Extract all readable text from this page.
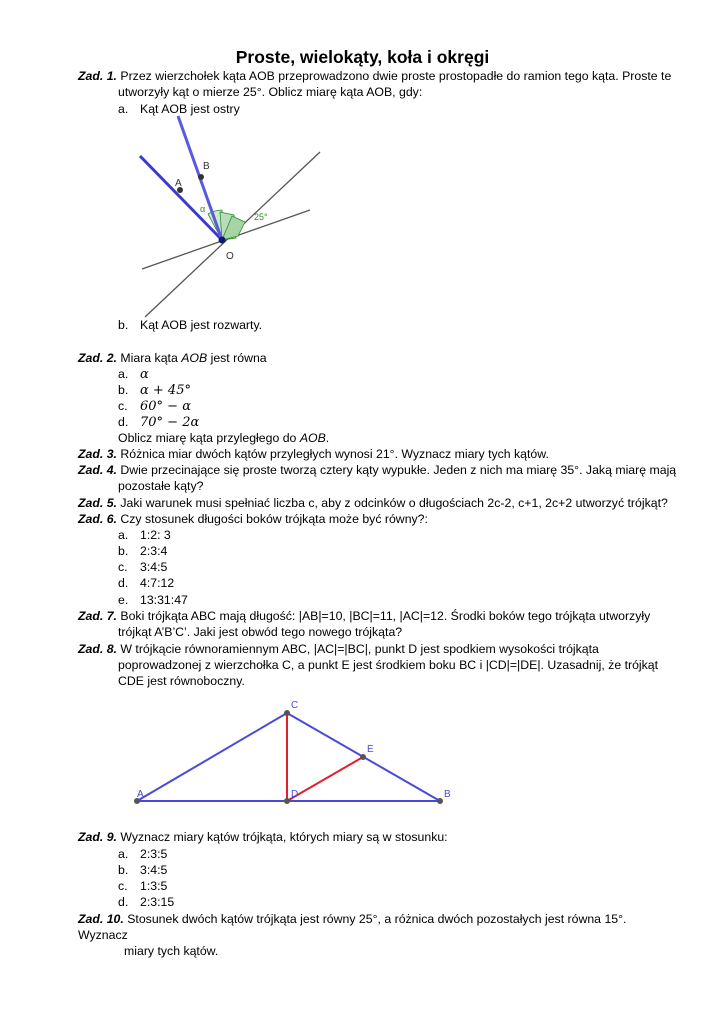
Proste, wielokąty, koła i okręgi
Zad. 1. Przez wierzchołek kąta AOB przeprowadzono dwie proste prostopadłe do ramion tego kąta. Proste te
utworzyły kąt o mierze 25°. Oblicz miarę kąta AOB, gdy:
a. Kąt AOB jest ostry
A
B
O
α
25°
b. Kąt AOB jest rozwarty.
Zad. 2. Miara kąta AOB jest równa
a. α
b. α + 45°
c. 60° − α
d. 70° − 2α
Oblicz miarę kąta przyległego do AOB.
Zad. 3. Różnica miar dwóch kątów przyległych wynosi 21°. Wyznacz miary tych kątów.
Zad. 4. Dwie przecinające się proste tworzą cztery kąty wypukłe. Jeden z nich ma miarę 35°. Jaką miarę mają
pozostałe kąty?
Zad. 5. Jaki warunek musi spełniać liczba c, aby z odcinków o długościach 2c-2, c+1, 2c+2 utworzyć trójkąt?
Zad. 6. Czy stosunek długości boków trójkąta może być równy?:
a. 1:2: 3
b. 2:3:4
c. 3:4:5
d. 4:7:12
e. 13:31:47
Zad. 7. Boki trójkąta ABC mają długość: |AB|=10, |BC|=11, |AC|=12. Środki boków tego trójkąta utworzyły
trójkąt A’B’C’. Jaki jest obwód tego nowego trójkąta?
Zad. 8. W trójkącie równoramiennym ABC, |AC|=|BC|, punkt D jest spodkiem wysokości trójkąta
poprowadzonej z wierzchołka C, a punkt E jest środkiem boku BC i |CD|=|DE|. Uzasadnij, że trójkąt
CDE jest równoboczny.
A	B
C
D
E
Zad. 9. Wyznacz miary kątów trójkąta, których miary są w stosunku:
a. 2:3:5
b. 3:4:5
c. 1:3:5
d. 2:3:15
Zad. 10. Stosunek dwóch kątów trójkąta jest równy 25°, a różnica dwóch pozostałych jest równa 15°. Wyznacz
miary tych kątów.
